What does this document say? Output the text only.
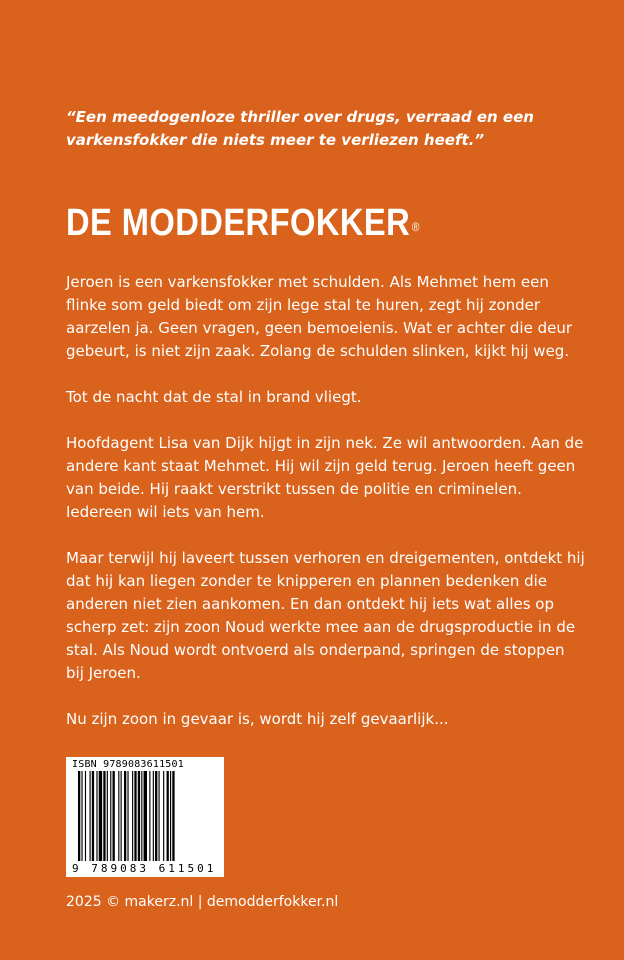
“Een meedogenloze thriller over drugs, verraad en een varkensfokker die niets meer te verliezen heeft.”

DE MODDERFOKKER ®

Jeroen is een varkensfokker met schulden. Als Mehmet hem een flinke som geld biedt om zijn lege stal te huren, zegt hij zonder aarzelen ja. Geen vragen, geen bemoeienis. Wat er achter die deur gebeurt, is niet zijn zaak. Zolang de schulden slinken, kijkt hij weg.

Tot de nacht dat de stal in brand vliegt.

Hoofdagent Lisa van Dijk hijgt in zijn nek. Ze wil antwoorden. Aan de andere kant staat Mehmet. Hij wil zijn geld terug. Jeroen heeft geen van beide. Hij raakt verstrikt tussen de politie en criminelen. Iedereen wil iets van hem.

Maar terwijl hij laveert tussen verhoren en dreigementen, ontdekt hij dat hij kan liegen zonder te knipperen en plannen bedenken die anderen niet zien aankomen. En dan ontdekt hij iets wat alles op scherp zet: zijn zoon Noud werkte mee aan de drugsproductie in de stal. Als Noud wordt ontvoerd als onderpand, springen de stoppen bij Jeroen.

Nu zijn zoon in gevaar is, wordt hij zelf gevaarlijk...

ISBN 9789083611501
9 789083 611501
2025 © makerz.nl | demodderfokker.nl
